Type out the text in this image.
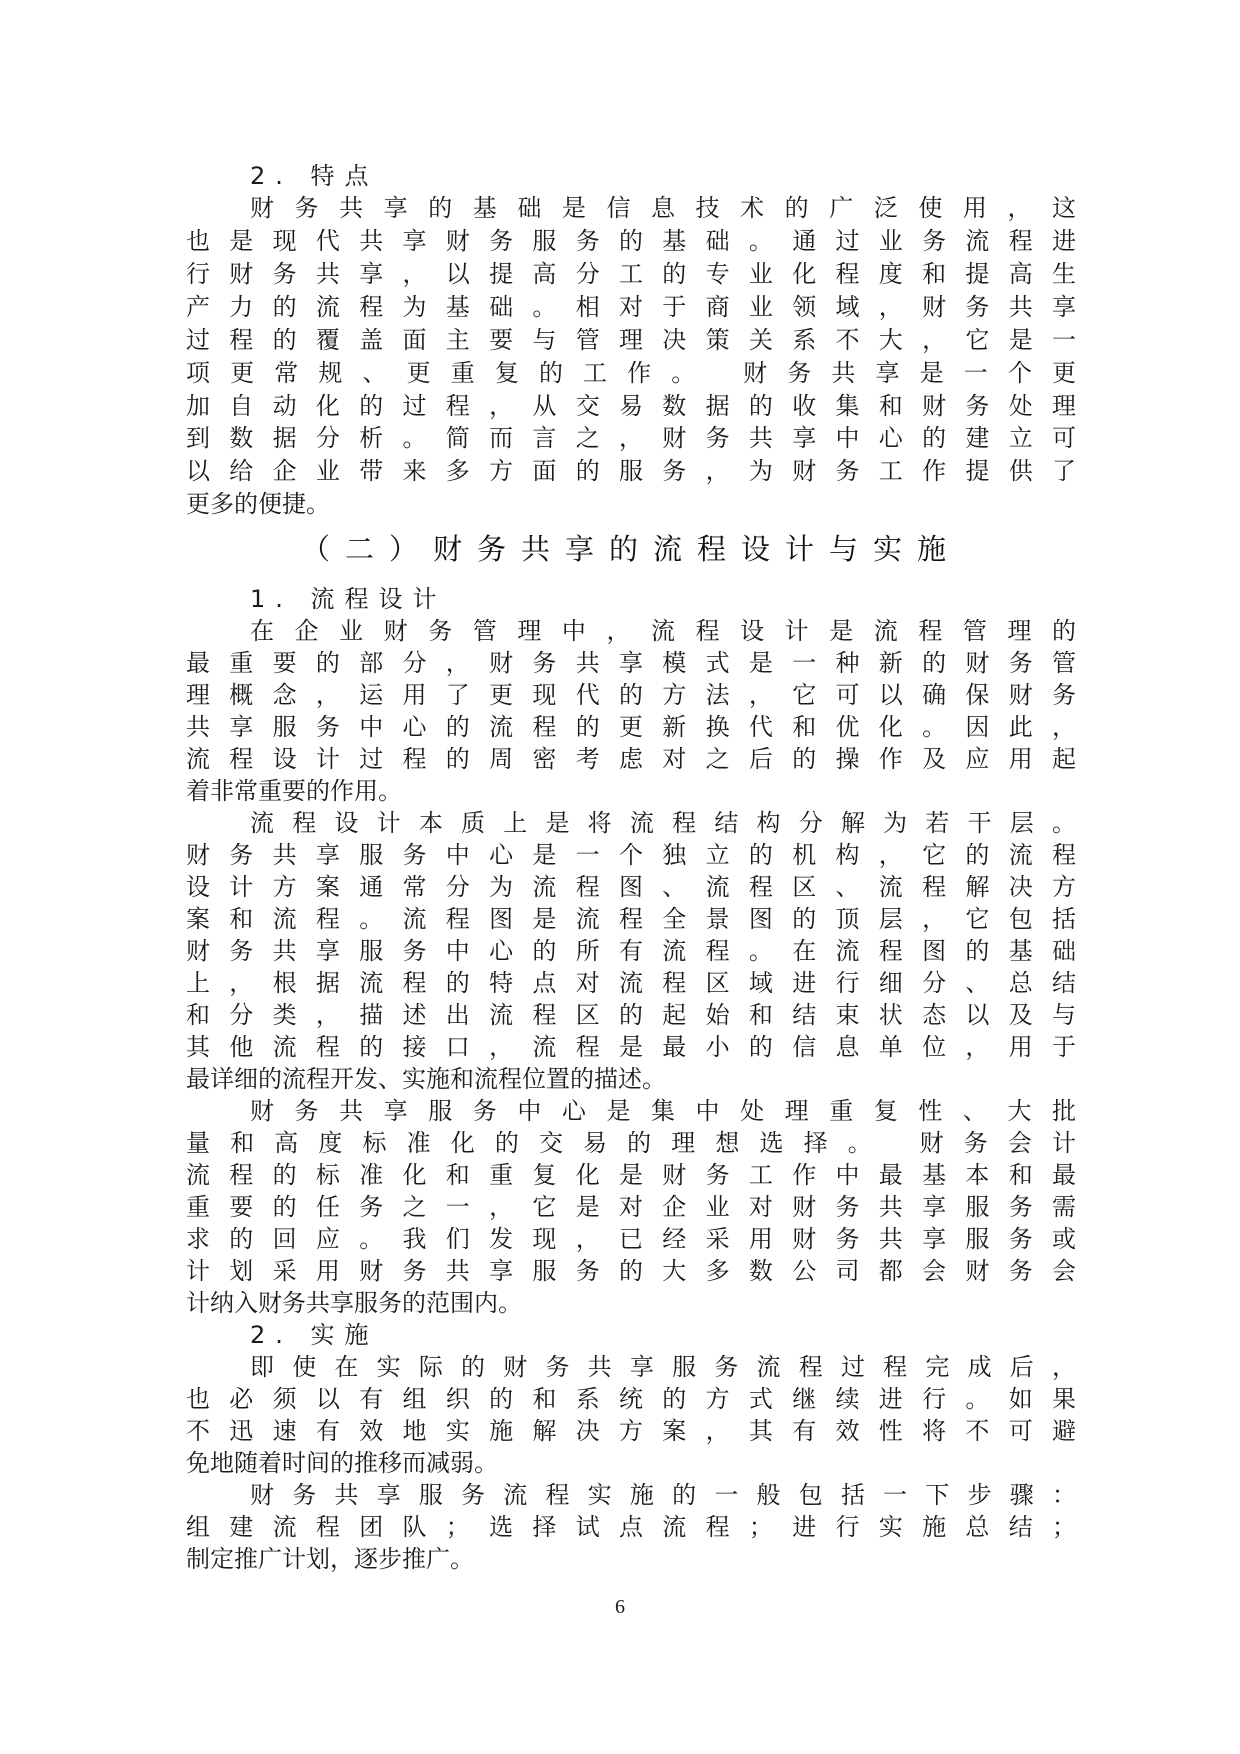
2. 特点
财务共享的基础是信息技术的广泛使用，这
也是现代共享财务服务的基础。通过业务流程进
行财务共享，以提高分工的专业化程度和提高生
产力的流程为基础。相对于商业领域，财务共享
过程的覆盖面主要与管理决策关系不大，它是一
项更常规、更重复的工作。 财务共享是一个更
加自动化的过程，从交易数据的收集和财务处理
到数据分析。简而言之，财务共享中心的建立可
以给企业带来多方面的服务，为财务工作提供了
更多的便捷。
（二）财务共享的流程设计与实施
1. 流程设计
在企业财务管理中，流程设计是流程管理的
最重要的部分，财务共享模式是一种新的财务管
理概念，运用了更现代的方法，它可以确保财务
共享服务中心的流程的更新换代和优化。因此，
流程设计过程的周密考虑对之后的操作及应用起
着非常重要的作用。
流程设计本质上是将流程结构分解为若干层。
财务共享服务中心是一个独立的机构，它的流程
设计方案通常分为流程图、流程区、流程解决方
案和流程。流程图是流程全景图的顶层，它包括
财务共享服务中心的所有流程。在流程图的基础
上，根据流程的特点对流程区域进行细分、总结
和分类，描述出流程区的起始和结束状态以及与
其他流程的接口，流程是最小的信息单位，用于
最详细的流程开发、实施和流程位置的描述。
财务共享服务中心是集中处理重复性、大批
量和高度标准化的交易的理想选择。 财务会计
流程的标准化和重复化是财务工作中最基本和最
重要的任务之一，它是对企业对财务共享服务需
求的回应。我们发现，已经采用财务共享服务或
计划采用财务共享服务的大多数公司都会财务会
计纳入财务共享服务的范围内。
2. 实施
即使在实际的财务共享服务流程过程完成后，
也必须以有组织的和系统的方式继续进行。如果
不迅速有效地实施解决方案，其有效性将不可避
免地随着时间的推移而减弱。
财务共享服务流程实施的一般包括一下步骤：
组建流程团队；选择试点流程；进行实施总结；
制定推广计划，逐步推广。
6
